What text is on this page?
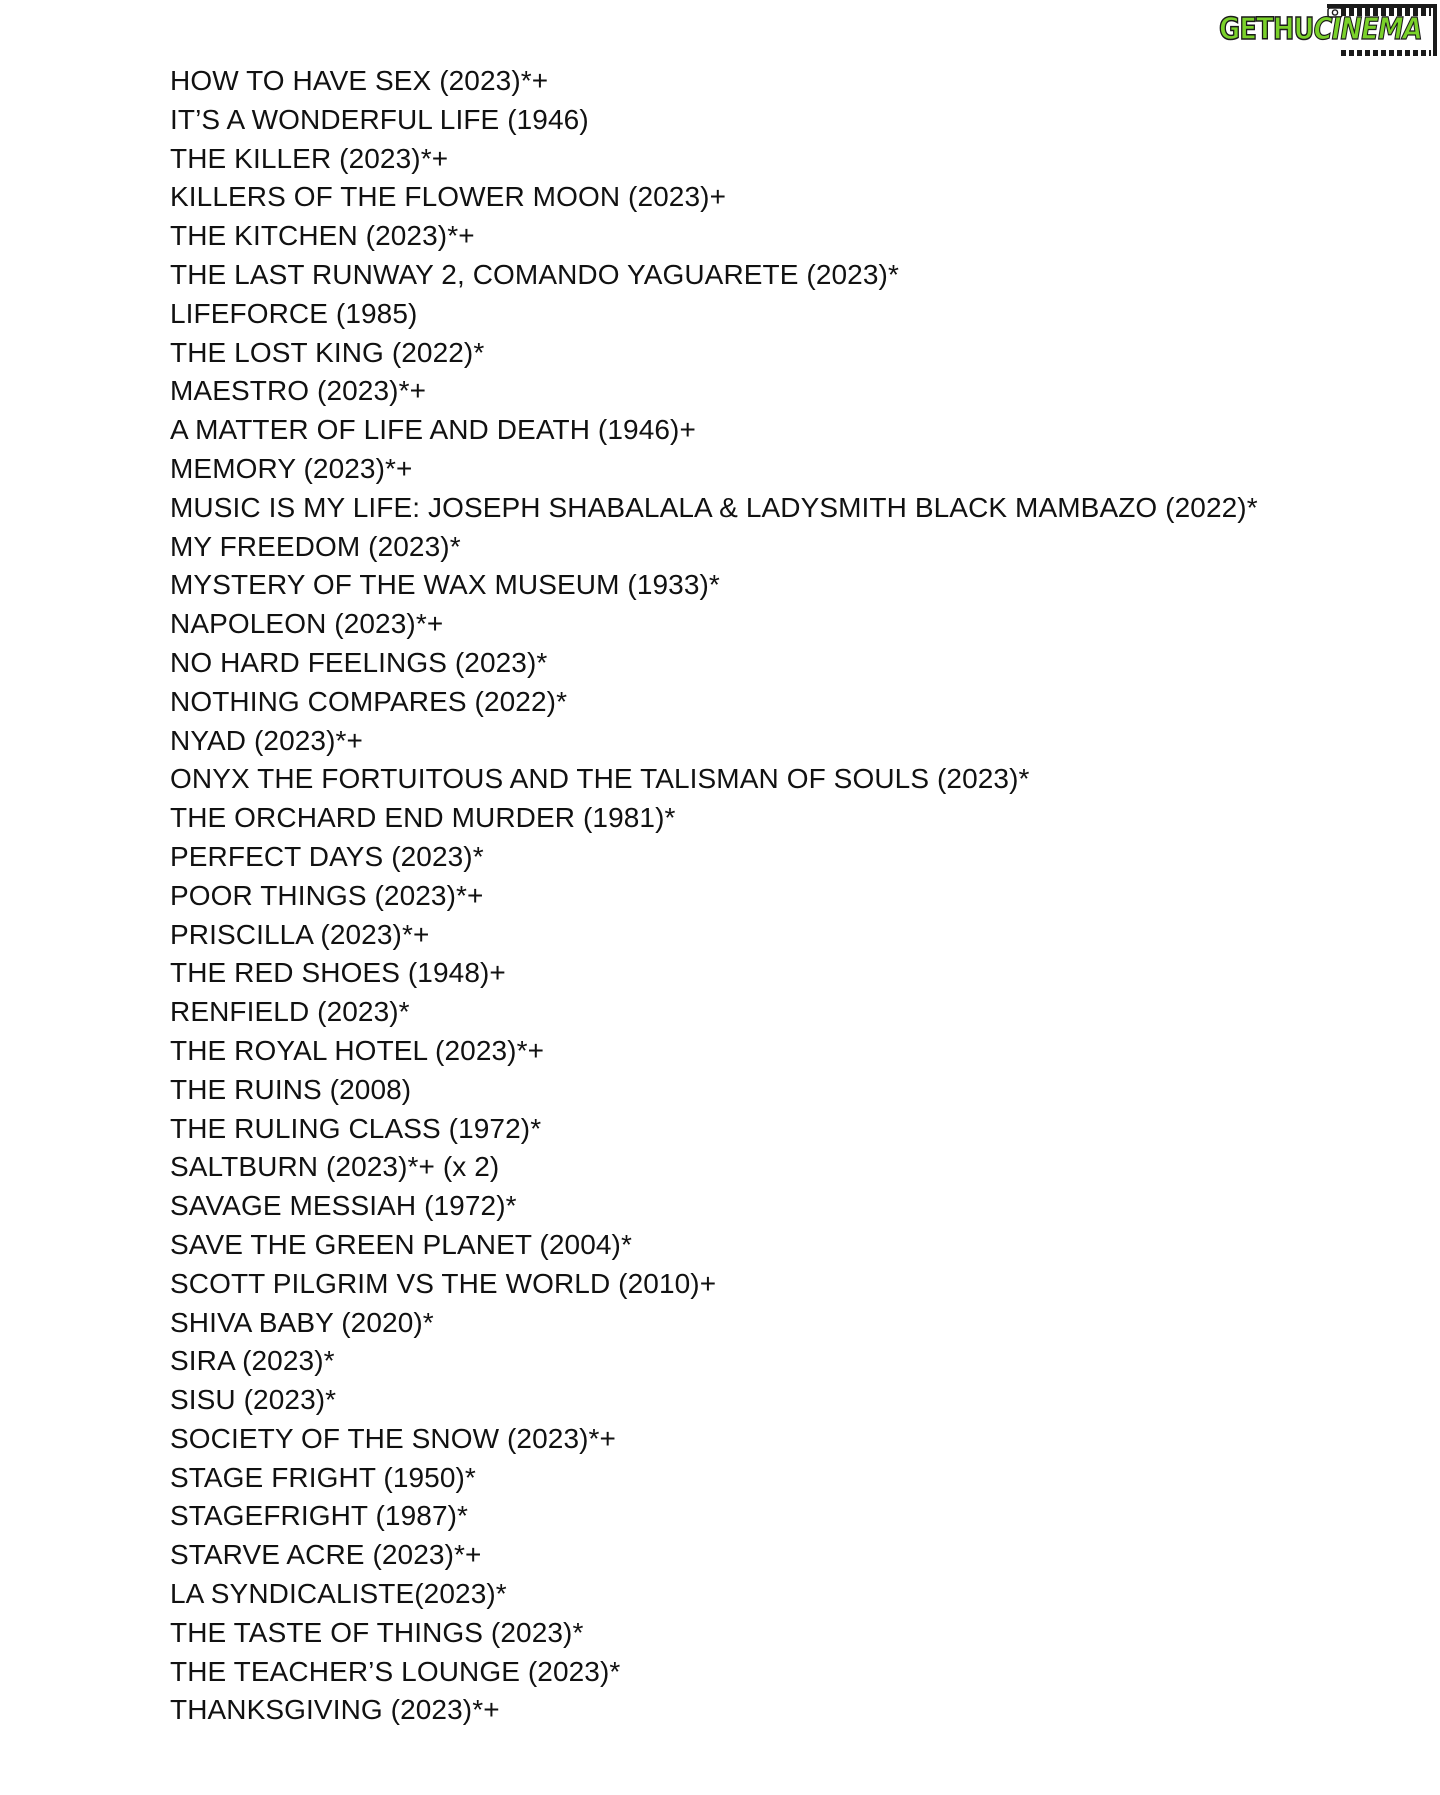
GETHUCINEMA
HOW TO HAVE SEX (2023)*+
IT’S A WONDERFUL LIFE (1946)
THE KILLER (2023)*+
KILLERS OF THE FLOWER MOON (2023)+
THE KITCHEN (2023)*+
THE LAST RUNWAY 2, COMANDO YAGUARETE (2023)*
LIFEFORCE (1985)
THE LOST KING (2022)*
MAESTRO (2023)*+
A MATTER OF LIFE AND DEATH (1946)+
MEMORY (2023)*+
MUSIC IS MY LIFE: JOSEPH SHABALALA & LADYSMITH BLACK MAMBAZO (2022)*
MY FREEDOM (2023)*
MYSTERY OF THE WAX MUSEUM (1933)*
NAPOLEON (2023)*+
NO HARD FEELINGS (2023)*
NOTHING COMPARES (2022)*
NYAD (2023)*+
ONYX THE FORTUITOUS AND THE TALISMAN OF SOULS (2023)*
THE ORCHARD END MURDER (1981)*
PERFECT DAYS (2023)*
POOR THINGS (2023)*+
PRISCILLA (2023)*+
THE RED SHOES (1948)+
RENFIELD (2023)*
THE ROYAL HOTEL (2023)*+
THE RUINS (2008)
THE RULING CLASS (1972)*
SALTBURN (2023)*+ (x 2)
SAVAGE MESSIAH (1972)*
SAVE THE GREEN PLANET (2004)*
SCOTT PILGRIM VS THE WORLD (2010)+
SHIVA BABY (2020)*
SIRA (2023)*
SISU (2023)*
SOCIETY OF THE SNOW (2023)*+
STAGE FRIGHT (1950)*
STAGEFRIGHT (1987)*
STARVE ACRE (2023)*+
LA SYNDICALISTE(2023)*
THE TASTE OF THINGS (2023)*
THE TEACHER’S LOUNGE (2023)*
THANKSGIVING (2023)*+
